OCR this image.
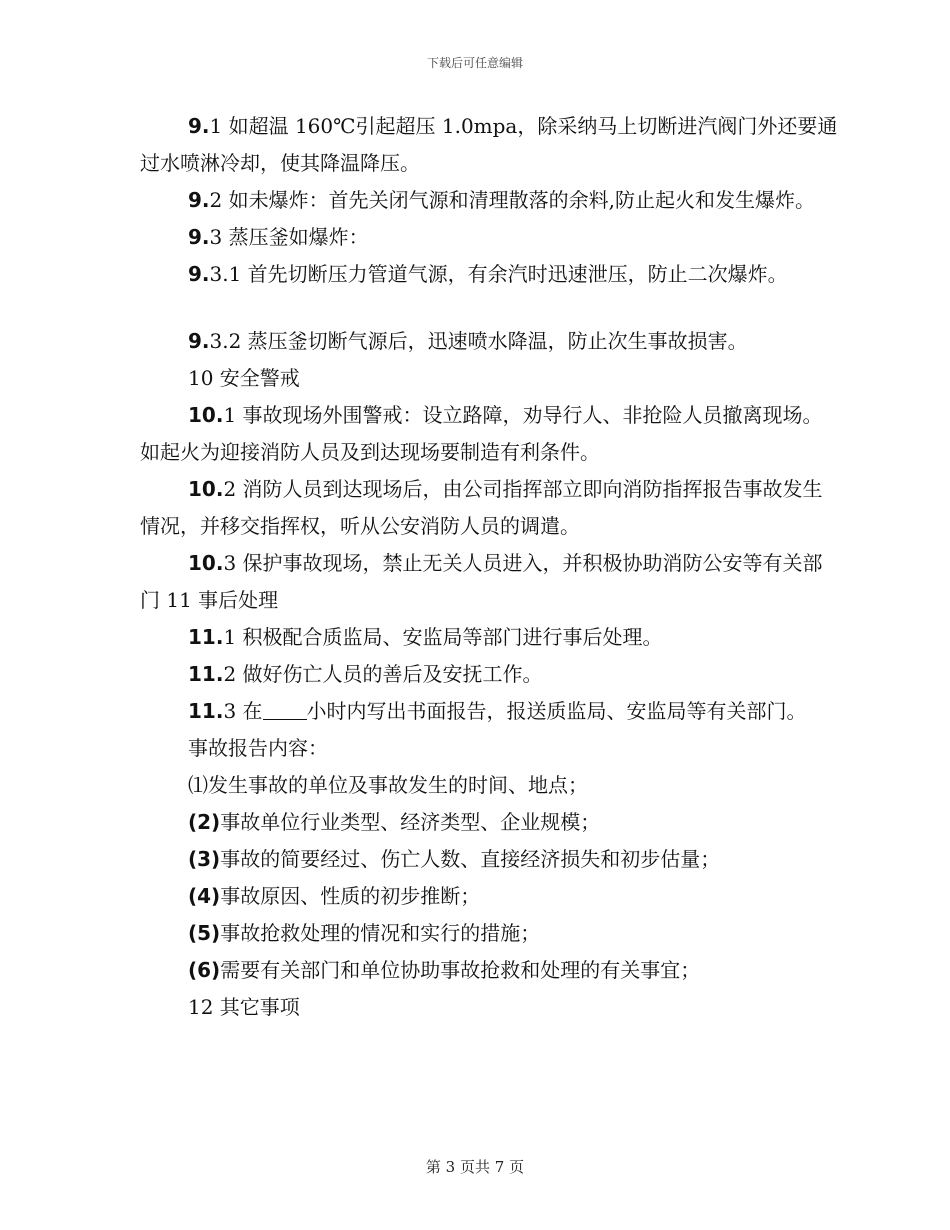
下载后可任意编辑

9.1 如超温 160℃引起超压 1.0mpa，除采纳马上切断进汽阀门外还要通过水喷淋冷却，使其降温降压。

9.2 如未爆炸：首先关闭气源和清理散落的余料,防止起火和发生爆炸。

9.3 蒸压釜如爆炸：

9.3.1 首先切断压力管道气源，有余汽时迅速泄压，防止二次爆炸。

9.3.2 蒸压釜切断气源后，迅速喷水降温，防止次生事故损害。

10 安全警戒

10.1 事故现场外围警戒：设立路障，劝导行人、非抢险人员撤离现场。如起火为迎接消防人员及到达现场要制造有利条件。

10.2 消防人员到达现场后，由公司指挥部立即向消防指挥报告事故发生情况，并移交指挥权，听从公安消防人员的调遣。

10.3 保护事故现场，禁止无关人员进入，并积极协助消防公安等有关部门 11 事后处理

11.1 积极配合质监局、安监局等部门进行事后处理。

11.2 做好伤亡人员的善后及安抚工作。

11.3 在 小时内写出书面报告，报送质监局、安监局等有关部门。

事故报告内容：

⑴发生事故的单位及事故发生的时间、地点；

(2)事故单位行业类型、经济类型、企业规模；

(3)事故的简要经过、伤亡人数、直接经济损失和初步估量；

(4)事故原因、性质的初步推断；

(5)事故抢救处理的情况和实行的措施；

(6)需要有关部门和单位协助事故抢救和处理的有关事宜；

12 其它事项

第 3 页共 7 页
